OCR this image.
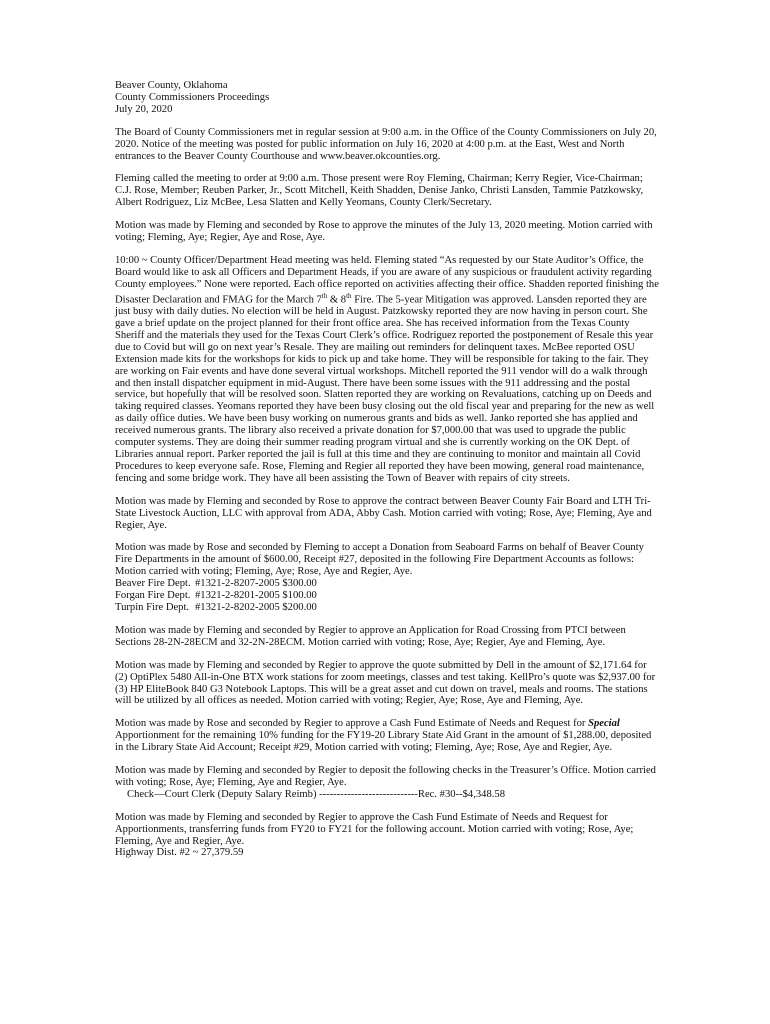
Beaver County, Oklahoma
County Commissioners Proceedings
July 20, 2020

The Board of County Commissioners met in regular session at 9:00 a.m. in the Office of the County Commissioners on July 20, 2020. Notice of the meeting was posted for public information on July 16, 2020 at 4:00 p.m. at the East, West and North entrances to the Beaver County Courthouse and www.beaver.okcounties.org.

Fleming called the meeting to order at 9:00 a.m. Those present were Roy Fleming, Chairman; Kerry Regier, Vice-Chairman; C.J. Rose, Member; Reuben Parker, Jr., Scott Mitchell, Keith Shadden, Denise Janko, Christi Lansden, Tammie Patzkowsky, Albert Rodriguez, Liz McBee, Lesa Slatten and Kelly Yeomans, County Clerk/Secretary.

Motion was made by Fleming and seconded by Rose to approve the minutes of the July 13, 2020 meeting. Motion carried with voting; Fleming, Aye; Regier, Aye and Rose, Aye.

10:00 ~ County Officer/Department Head meeting was held. Fleming stated “As requested by our State Auditor’s Office, the Board would like to ask all Officers and Department Heads, if you are aware of any suspicious or fraudulent activity regarding County employees.” None were reported. Each office reported on activities affecting their office. Shadden reported finishing the Disaster Declaration and FMAG for the March 7th & 8th Fire. The 5-year Mitigation was approved. Lansden reported they are just busy with daily duties. No election will be held in August. Patzkowsky reported they are now having in person court. She gave a brief update on the project planned for their front office area. She has received information from the Texas County Sheriff and the materials they used for the Texas Court Clerk’s office. Rodriguez reported the postponement of Resale this year due to Covid but will go on next year’s Resale. They are mailing out reminders for delinquent taxes. McBee reported OSU Extension made kits for the workshops for kids to pick up and take home. They will be responsible for taking to the fair. They are working on Fair events and have done several virtual workshops. Mitchell reported the 911 vendor will do a walk through and then install dispatcher equipment in mid-August. There have been some issues with the 911 addressing and the postal service, but hopefully that will be resolved soon. Slatten reported they are working on Revaluations, catching up on Deeds and taking required classes. Yeomans reported they have been busy closing out the old fiscal year and preparing for the new as well as daily office duties. We have been busy working on numerous grants and bids as well. Janko reported she has applied and received numerous grants. The library also received a private donation for $7,000.00 that was used to upgrade the public computer systems. They are doing their summer reading program virtual and she is currently working on the OK Dept. of Libraries annual report. Parker reported the jail is full at this time and they are continuing to monitor and maintain all Covid Procedures to keep everyone safe. Rose, Fleming and Regier all reported they have been mowing, general road maintenance, fencing and some bridge work. They have all been assisting the Town of Beaver with repairs of city streets.

Motion was made by Fleming and seconded by Rose to approve the contract between Beaver County Fair Board and LTH Tri-State Livestock Auction, LLC with approval from ADA, Abby Cash. Motion carried with voting; Rose, Aye; Fleming, Aye and Regier, Aye.

Motion was made by Rose and seconded by Fleming to accept a Donation from Seaboard Farms on behalf of Beaver County Fire Departments in the amount of $600.00, Receipt #27, deposited in the following Fire Department Accounts as follows: Motion carried with voting; Fleming, Aye; Rose, Aye and Regier, Aye.

Beaver Fire Dept. #1321-2-8207-2005 $300.00
Forgan Fire Dept. #1321-2-8201-2005 $100.00
Turpin Fire Dept. #1321-2-8202-2005 $200.00

Motion was made by Fleming and seconded by Regier to approve an Application for Road Crossing from PTCI between Sections 28-2N-28ECM and 32-2N-28ECM. Motion carried with voting; Rose, Aye; Regier, Aye and Fleming, Aye.

Motion was made by Fleming and seconded by Regier to approve the quote submitted by Dell in the amount of $2,171.64 for (2) OptiPlex 5480 All-in-One BTX work stations for zoom meetings, classes and test taking. KellPro’s quote was $2,937.00 for (3) HP EliteBook 840 G3 Notebook Laptops. This will be a great asset and cut down on travel, meals and rooms. The stations will be utilized by all offices as needed. Motion carried with voting; Regier, Aye; Rose, Aye and Fleming, Aye.

Motion was made by Rose and seconded by Regier to approve a Cash Fund Estimate of Needs and Request for Special Apportionment for the remaining 10% funding for the FY19-20 Library State Aid Grant in the amount of $1,288.00, deposited in the Library State Aid Account; Receipt #29, Motion carried with voting; Fleming, Aye; Rose, Aye and Regier, Aye.

Motion was made by Fleming and seconded by Regier to deposit the following checks in the Treasurer’s Office. Motion carried with voting; Rose, Aye; Fleming, Aye and Regier, Aye.
Check—Court Clerk (Deputy Salary Reimb) ----------------------------Rec. #30--$4,348.58

Motion was made by Fleming and seconded by Regier to approve the Cash Fund Estimate of Needs and Request for Apportionments, transferring funds from FY20 to FY21 for the following account. Motion carried with voting; Rose, Aye; Fleming, Aye and Regier, Aye.
Highway Dist. #2 ~ 27,379.59
